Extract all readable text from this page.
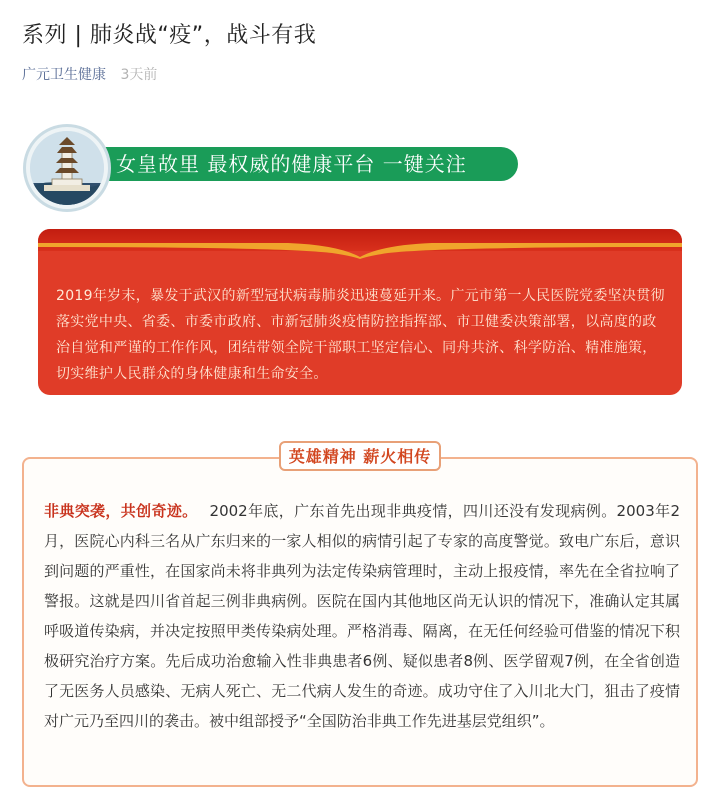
系列 | 肺炎战“疫”，战斗有我
广元卫生健康 3天前
女皇故里 最权威的健康平台 一键关注

2019年岁末，暴发于武汉的新型冠状病毒肺炎迅速蔓延开来。广元市第一人民医院党委坚决贯彻落实党中央、省委、市委市政府、市新冠肺炎疫情防控指挥部、市卫健委决策部署，以高度的政治自觉和严谨的工作作风，团结带领全院干部职工坚定信心、同舟共济、科学防治、精准施策，切实维护人民群众的身体健康和生命安全。

英雄精神 薪火相传

非典突袭，共创奇迹。 2002年底，广东首先出现非典疫情，四川还没有发现病例。2003年2月，医院心内科三名从广东归来的一家人相似的病情引起了专家的高度警觉。致电广东后，意识到问题的严重性，在国家尚未将非典列为法定传染病管理时，主动上报疫情，率先在全省拉响了警报。这就是四川省首起三例非典病例。医院在国内其他地区尚无认识的情况下，准确认定其属呼吸道传染病，并决定按照甲类传染病处理。严格消毒、隔离，在无任何经验可借鉴的情况下积极研究治疗方案。先后成功治愈输入性非典患者6例、疑似患者8例、医学留观7例，在全省创造了无医务人员感染、无病人死亡、无二代病人发生的奇迹。成功守住了入川北大门，狙击了疫情对广元乃至四川的袭击。被中组部授予“全国防治非典工作先进基层党组织”。
